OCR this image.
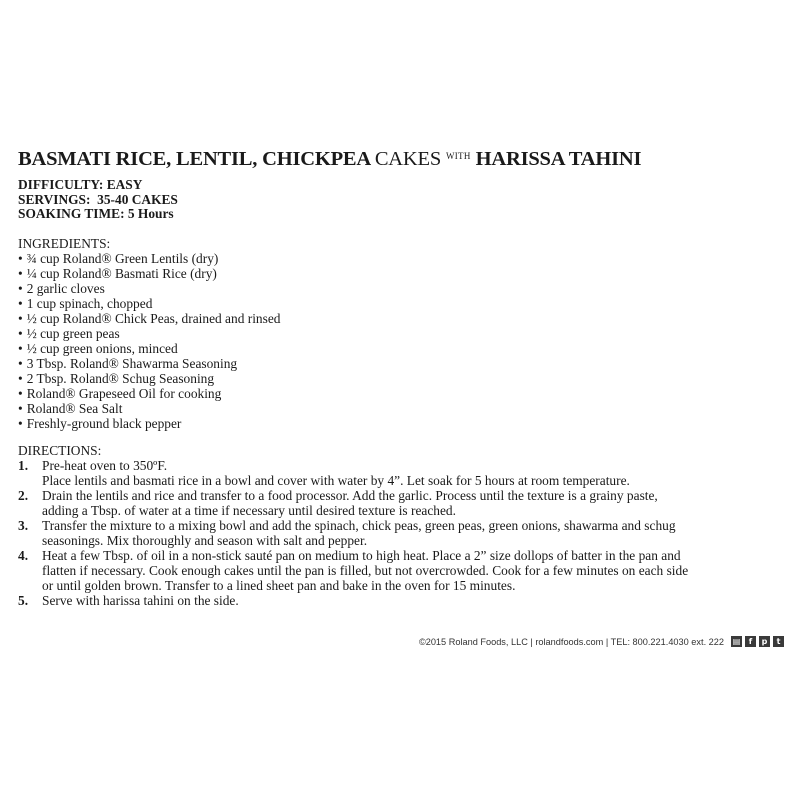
BASMATI RICE, LENTIL, CHICKPEA CAKES $^{WITH}$ HARISSA TAHINI
DIFFICULTY: EASY
SERVINGS: 35-40 CAKES
SOAKING TIME: 5 Hours
INGREDIENTS:
• ¾ cup Roland® Green Lentils (dry)
• ¼ cup Roland® Basmati Rice (dry)
• 2 garlic cloves
• 1 cup spinach, chopped
• ½ cup Roland® Chick Peas, drained and rinsed
• ½ cup green peas
• ½ cup green onions, minced
• 3 Tbsp. Roland® Shawarma Seasoning
• 2 Tbsp. Roland® Schug Seasoning
• Roland® Grapeseed Oil for cooking
• Roland® Sea Salt
• Freshly-ground black pepper
DIRECTIONS:
1. Pre-heat oven to 350ºF.
Place lentils and basmati rice in a bowl and cover with water by 4”. Let soak for 5 hours at room temperature.
2. Drain the lentils and rice and transfer to a food processor. Add the garlic. Process until the texture is a grainy paste,
adding a Tbsp. of water at a time if necessary until desired texture is reached.
3. Transfer the mixture to a mixing bowl and add the spinach, chick peas, green peas, green onions, shawarma and schug
seasonings. Mix thoroughly and season with salt and pepper.
4. Heat a few Tbsp. of oil in a non-stick sauté pan on medium to high heat. Place a 2” size dollops of batter in the pan and
flatten if necessary. Cook enough cakes until the pan is filled, but not overcrowded. Cook for a few minutes on each side
or until golden brown. Transfer to a lined sheet pan and bake in the oven for 15 minutes.
5. Serve with harissa tahini on the side.
©2015 Roland Foods, LLC | rolandfoods.com | TEL: 800.221.4030 ext. 222 ▤	f	p	t
